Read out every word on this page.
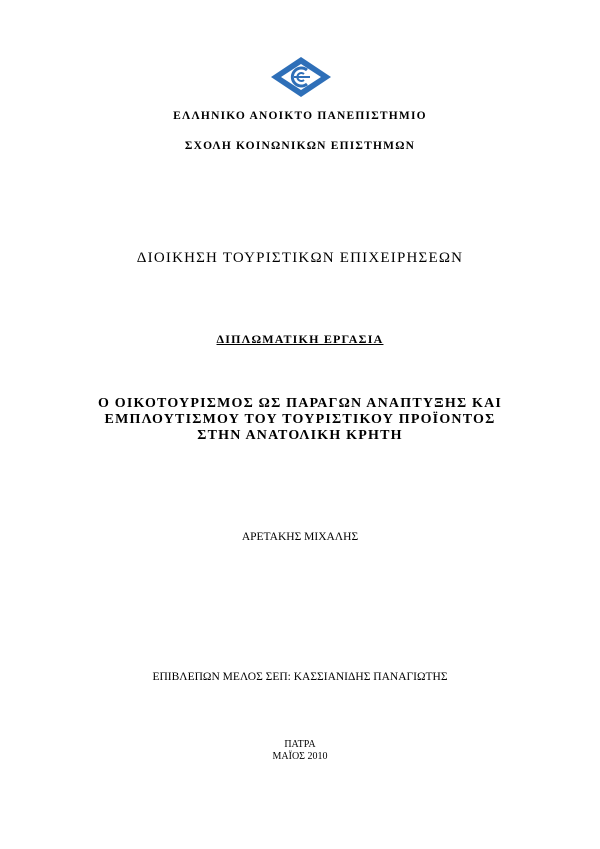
ΕΛΛΗΝΙΚΟ ΑΝΟΙΚΤΟ ΠΑΝΕΠΙΣΤΗΜΙΟ
ΣΧΟΛΗ ΚΟΙΝΩΝΙΚΩΝ ΕΠΙΣΤΗΜΩΝ
ΔΙΟΙΚΗΣΗ ΤΟΥΡΙΣΤΙΚΩΝ ΕΠΙΧΕΙΡΗΣΕΩΝ
ΔΙΠΛΩΜΑΤΙΚΗ ΕΡΓΑΣΙΑ
Ο ΟΙΚΟΤΟΥΡΙΣΜΟΣ ΩΣ ΠΑΡΑΓΩΝ ΑΝΑΠΤΥΞΗΣ ΚΑΙ
ΕΜΠΛΟΥΤΙΣΜΟΥ ΤΟΥ ΤΟΥΡΙΣΤΙΚΟΥ ΠΡΟΪΟΝΤΟΣ
ΣΤΗΝ ΑΝΑΤΟΛΙΚΗ ΚΡΗΤΗ
ΑΡΕΤΑΚΗΣ ΜΙΧΑΛΗΣ
ΕΠΙΒΛΕΠΩΝ ΜΕΛΟΣ ΣΕΠ: ΚΑΣΣΙΑΝΙΔΗΣ ΠΑΝΑΓΙΩΤΗΣ
ΠΑΤΡΑ
ΜΑΪΟΣ 2010
